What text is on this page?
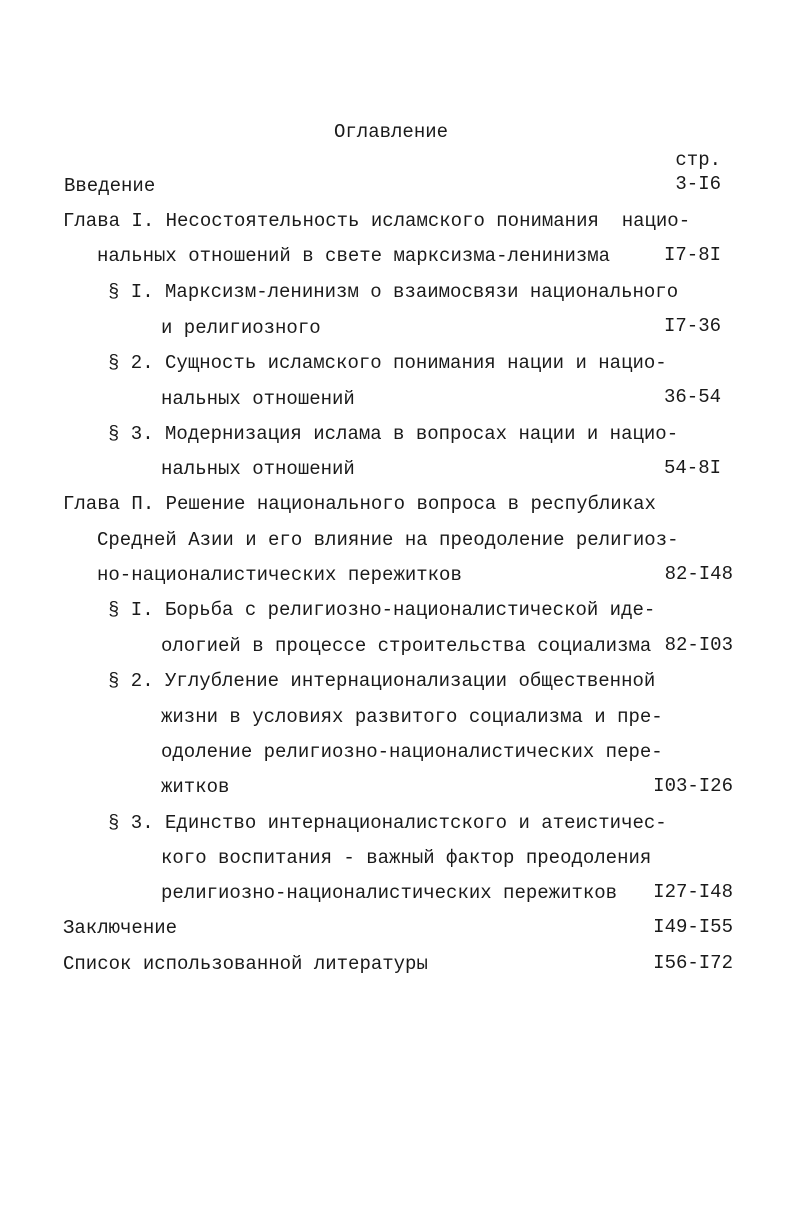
Оглавление
стр.
Введение	3-I6
Глава I. Несостоятельность исламского понимания  нацио-
нальных отношений в свете марксизма-ленинизма	I7-8I
§ I. Марксизм-ленинизм о взаимосвязи национального
и религиозного	I7-36
§ 2. Сущность исламского понимания нации и нацио-
нальных отношений	36-54
§ 3. Модернизация ислама в вопросах нации и нацио-
нальных отношений	54-8I
Глава П. Решение национального вопроса в республиках
Средней Азии и его влияние на преодоление религиоз-
но-националистических пережитков	82-I48
§ I. Борьба с религиозно-националистической иде-
ологией в процессе строительства социализма 82-I03
§ 2. Углубление интернационализации общественной
жизни в условиях развитого социализма и пре-
одоление религиозно-националистических пере-
житков	I03-I26
§ 3. Единство интернационалистского и атеистичес-
кого воспитания - важный фактор преодоления
религиозно-националистических пережитков I27-I48
Заключение	I49-I55
Список использованной литературы	I56-I72
